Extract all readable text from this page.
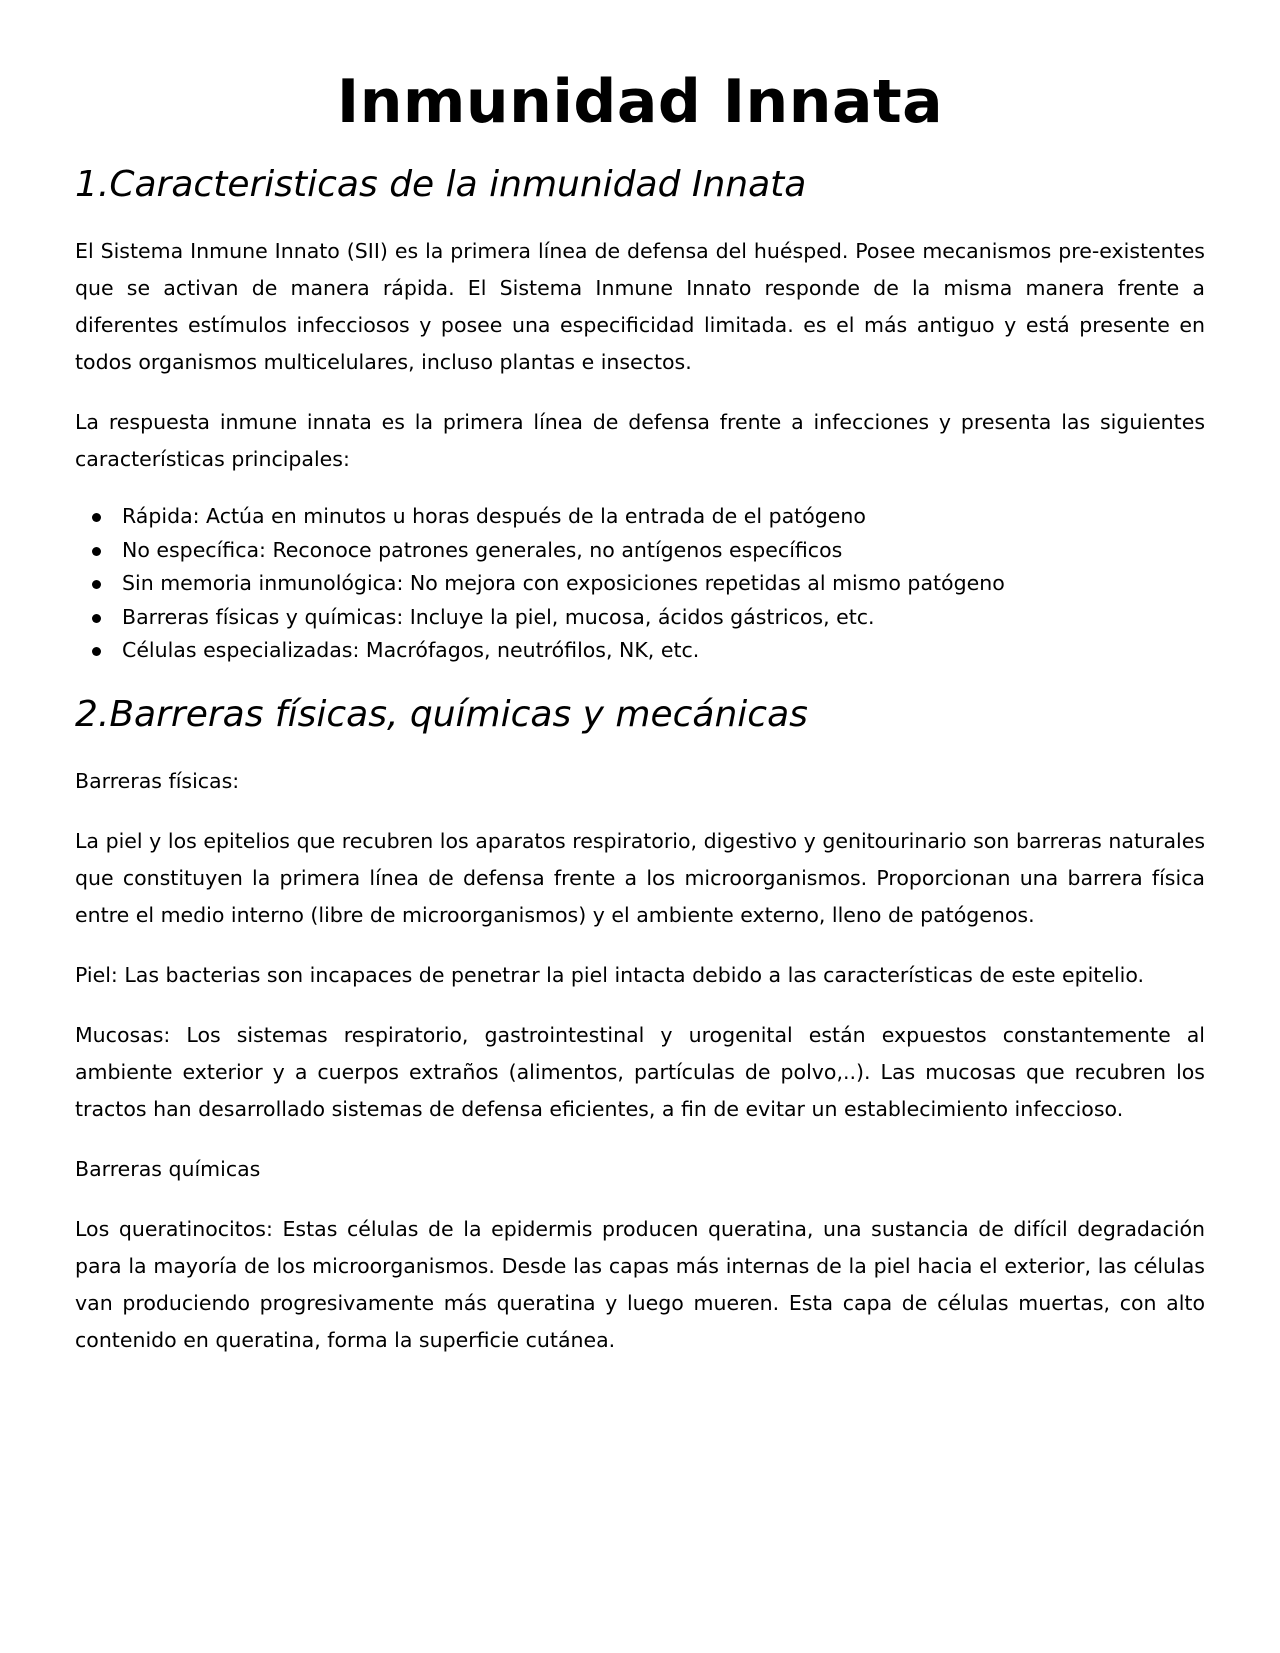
Inmunidad Innata
1.Caracteristicas de la inmunidad Innata

El Sistema Inmune Innato (SII) es la primera línea de defensa del huésped. Posee mecanismos pre-existentes que se activan de manera rápida. El Sistema Inmune Innato responde de la misma manera frente a diferentes estímulos infecciosos y posee una especificidad limitada. es el más antiguo y está presente en todos organismos multicelulares, incluso plantas e insectos.

La respuesta inmune innata es la primera línea de defensa frente a infecciones y presenta las siguientes características principales:

Rápida: Actúa en minutos u horas después de la entrada de el patógeno
No específica: Reconoce patrones generales, no antígenos específicos
Sin memoria inmunológica: No mejora con exposiciones repetidas al mismo patógeno
Barreras físicas y químicas: Incluye la piel, mucosa, ácidos gástricos, etc.
Células especializadas: Macrófagos, neutrófilos, NK, etc.
2.Barreras físicas, químicas y mecánicas

Barreras físicas:

La piel y los epitelios que recubren los aparatos respiratorio, digestivo y genitourinario son barreras naturales que constituyen la primera línea de defensa frente a los microorganismos. Proporcionan una barrera física entre el medio interno (libre de microorganismos) y el ambiente externo, lleno de patógenos.

Piel: Las bacterias son incapaces de penetrar la piel intacta debido a las características de este epitelio.

Mucosas: Los sistemas respiratorio, gastrointestinal y urogenital están expuestos constantemente al ambiente exterior y a cuerpos extraños (alimentos, partículas de polvo,..). Las mucosas que recubren los tractos han desarrollado sistemas de defensa eficientes, a fin de evitar un establecimiento infeccioso.

Barreras químicas

Los queratinocitos: Estas células de la epidermis producen queratina, una sustancia de difícil degradación para la mayoría de los microorganismos. Desde las capas más internas de la piel hacia el exterior, las células van produciendo progresivamente más queratina y luego mueren. Esta capa de células muertas, con alto contenido en queratina, forma la superficie cutánea.
